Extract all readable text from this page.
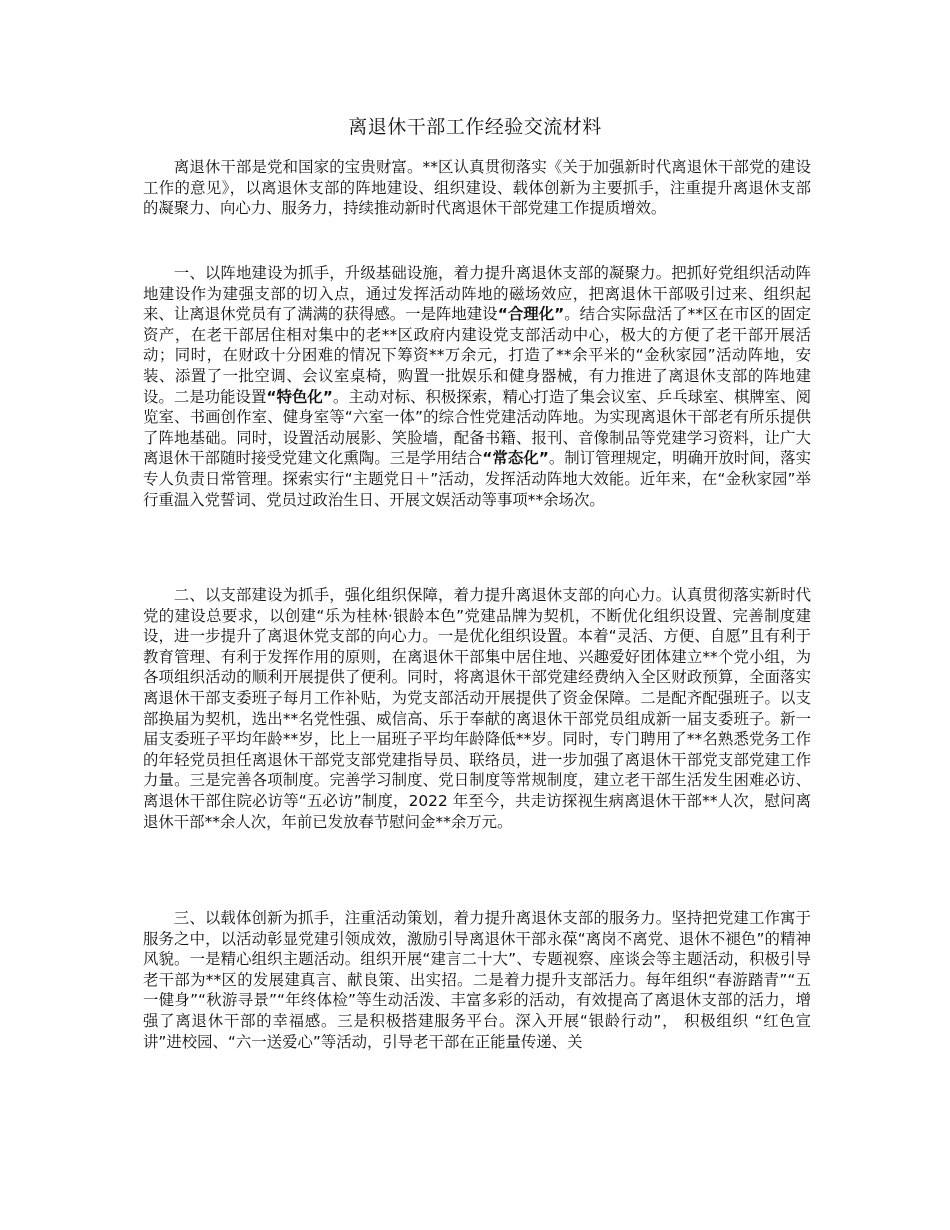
离退休干部工作经验交流材料

离退休干部是党和国家的宝贵财富。**区认真贯彻落实《关于加强新时代离退休干部党的建设工作的意见》，以离退休支部的阵地建设、组织建设、载体创新为主要抓手，注重提升离退休支部的凝聚力、向心力、服务力，持续推动新时代离退休干部党建工作提质增效。

一、以阵地建设为抓手，升级基础设施，着力提升离退休支部的凝聚力。把抓好党组织活动阵地建设作为建强支部的切入点，通过发挥活动阵地的磁场效应，把离退休干部吸引过来、组织起来、让离退休党员有了满满的获得感。一是阵地建设“合理化”。结合实际盘活了**区在市区的固定资产，在老干部居住相对集中的老**区政府内建设党支部活动中心，极大的方便了老干部开展活动；同时，在财政十分困难的情况下筹资**万余元，打造了**余平米的“金秋家园”活动阵地，安装、添置了一批空调、会议室桌椅，购置一批娱乐和健身器械，有力推进了离退休支部的阵地建设。二是功能设置“特色化”。主动对标、积极探索，精心打造了集会议室、乒乓球室、棋牌室、阅览室、书画创作室、健身室等“六室一体”的综合性党建活动阵地。为实现离退休干部老有所乐提供了阵地基础。同时，设置活动展影、笑脸墙，配备书籍、报刊、音像制品等党建学习资料，让广大离退休干部随时接受党建文化熏陶。三是学用结合“常态化”。制订管理规定，明确开放时间，落实专人负责日常管理。探索实行“主题党日＋”活动，发挥活动阵地大效能。近年来，在“金秋家园”举行重温入党誓词、党员过政治生日、开展文娱活动等事项**余场次。

二、以支部建设为抓手，强化组织保障，着力提升离退休支部的向心力。认真贯彻落实新时代党的建设总要求，以创建“乐为桂林·银龄本色”党建品牌为契机，不断优化组织设置、完善制度建设，进一步提升了离退休党支部的向心力。一是优化组织设置。本着“灵活、方便、自愿”且有利于教育管理、有利于发挥作用的原则，在离退休干部集中居住地、兴趣爱好团体建立**个党小组，为各项组织活动的顺利开展提供了便利。同时，将离退休干部党建经费纳入全区财政预算，全面落实离退休干部支委班子每月工作补贴，为党支部活动开展提供了资金保障。二是配齐配强班子。以支部换届为契机，选出**名党性强、威信高、乐于奉献的离退休干部党员组成新一届支委班子。新一届支委班子平均年龄**岁，比上一届班子平均年龄降低**岁。同时，专门聘用了**名熟悉党务工作的年轻党员担任离退休干部党支部党建指导员、联络员，进一步加强了离退休干部党支部党建工作力量。三是完善各项制度。完善学习制度、党日制度等常规制度，建立老干部生活发生困难必访、离退休干部住院必访等“五必访”制度，2022 年至今，共走访探视生病离退休干部**人次，慰问离退休干部**余人次，年前已发放春节慰问金**余万元。

三、以载体创新为抓手，注重活动策划，着力提升离退休支部的服务力。坚持把党建工作寓于服务之中，以活动彰显党建引领成效，激励引导离退休干部永葆“离岗不离党、退休不褪色”的精神风貌。一是精心组织主题活动。组织开展“建言二十大”、专题视察、座谈会等主题活动，积极引导老干部为**区的发展建真言、献良策、出实招。二是着力提升支部活力。每年组织“春游踏青”“五一健身”“秋游寻景”“年终体检”等生动活泼、丰富多彩的活动，有效提高了离退休支部的活力，增强了离退休干部的幸福感。三是积极搭建服务平台。深入开展“银龄行动”， 积极组织 “红色宣讲”进校园、“六一送爱心”等活动，引导老干部在正能量传递、关
